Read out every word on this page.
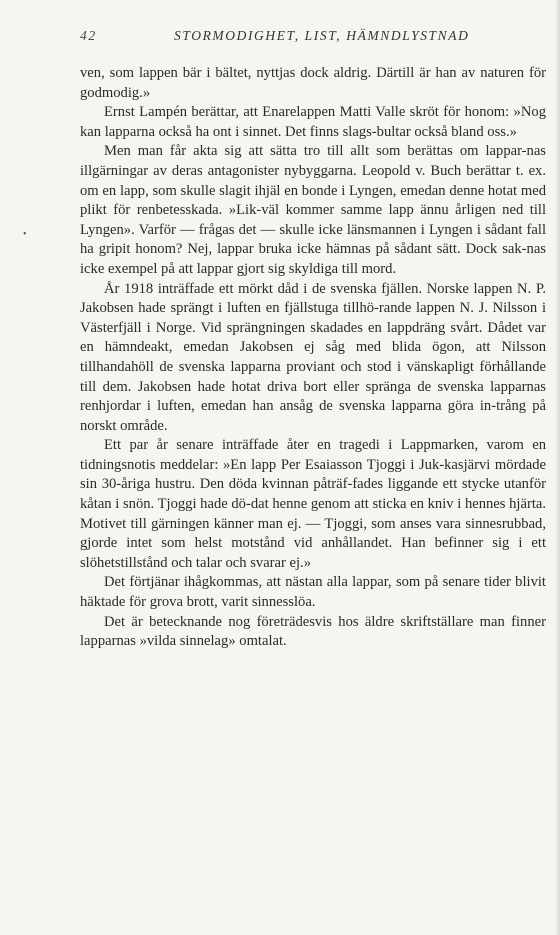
42	STORMODIGHET, LIST, HÄMNDLYSTNAD
•

ven, som lappen bär i bältet, nyttjas dock aldrig. Därtill är han av naturen för godmodig.»

Ernst Lampén berättar, att Enarelappen Matti Valle skröt för honom: »Nog kan lapparna också ha ont i sinnet. Det finns slags-bultar också bland oss.»

Men man får akta sig att sätta tro till allt som berättas om lappar-nas illgärningar av deras antagonister nybyggarna. Leopold v. Buch berättar t. ex. om en lapp, som skulle slagit ihjäl en bonde i Lyngen, emedan denne hotat med plikt för renbetesskada. »Lik-väl kommer samme lapp ännu årligen ned till Lyngen». Varför — frågas det — skulle icke länsmannen i Lyngen i sådant fall ha gripit honom? Nej, lappar bruka icke hämnas på sådant sätt. Dock sak-nas icke exempel på att lappar gjort sig skyldiga till mord.

År 1918 inträffade ett mörkt dåd i de svenska fjällen. Norske lappen N. P. Jakobsen hade sprängt i luften en fjällstuga tillhö-rande lappen N. J. Nilsson i Västerfjäll i Norge. Vid sprängningen skadades en lappdräng svårt. Dådet var en hämndeakt, emedan Jakobsen ej såg med blida ögon, att Nilsson tillhandahöll de svenska lapparna proviant och stod i vänskapligt förhållande till dem. Jakobsen hade hotat driva bort eller spränga de svenska lapparnas renhjordar i luften, emedan han ansåg de svenska lapparna göra in-trång på norskt område.

Ett par år senare inträffade åter en tragedi i Lappmarken, varom en tidningsnotis meddelar: »En lapp Per Esaiasson Tjoggi i Juk-kasjärvi mördade sin 30-åriga hustru. Den döda kvinnan påträf-fades liggande ett stycke utanför kåtan i snön. Tjoggi hade dö-dat henne genom att sticka en kniv i hennes hjärta. Motivet till gärningen känner man ej. — Tjoggi, som anses vara sinnesrubbad, gjorde intet som helst motstånd vid anhållandet. Han befinner sig i ett slöhetstillstånd och talar och svarar ej.»

Det förtjänar ihågkommas, att nästan alla lappar, som på senare tider blivit häktade för grova brott, varit sinnesslöa.

Det är betecknande nog företrädesvis hos äldre skriftställare man finner lapparnas »vilda sinnelag» omtalat.
